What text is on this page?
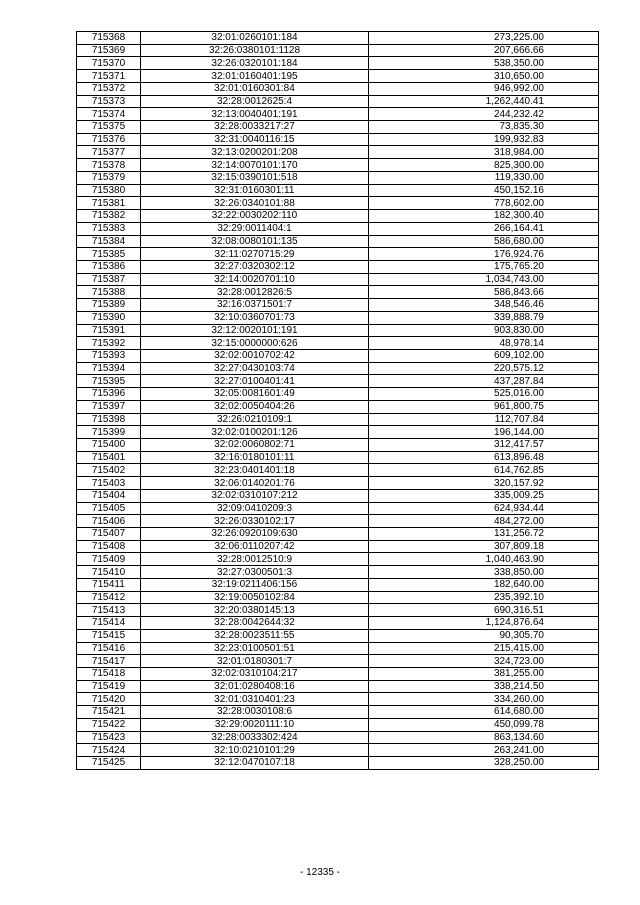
715368	32:01:0260101:184	273,225.00
715369	32:26:0380101:1128	207,666.66
715370	32:26:0320101:184	538,350.00
715371	32:01:0160401:195	310,650.00
715372	32:01:0160301:84	946,992.00
715373	32:28:0012625:4	1,262,440.41
715374	32:13:0040401:191	244,232.42
715375	32:28:0033217:27	73,835.30
715376	32:31:0040116:15	199,932.83
715377	32:13:0200201:208	318,984.00
715378	32:14:0070101:170	825,300.00
715379	32:15:0390101:518	119,330.00
715380	32:31:0160301:11	450,152.16
715381	32:26:0340101:88	778,602.00
715382	32:22:0030202:110	182,300.40
715383	32:29:0011404:1	266,164.41
715384	32:08:0080101:135	586,680.00
715385	32:11:0270715:29	176,924.76
715386	32:27:0320302:12	175,765.20
715387	32:14:0020701:10	1,034,743.00
715388	32:28:0012826:5	586,843.66
715389	32:16:0371501:7	348,546.46
715390	32:10:0360701:73	339,888.79
715391	32:12:0020101:191	903,830.00
715392	32:15:0000000:626	48,978.14
715393	32:02:0010702:42	609,102.00
715394	32:27:0430103:74	220,575.12
715395	32:27:0100401:41	437,287.84
715396	32:05:0081601:49	525,016.00
715397	32:02:0050404:26	961,800.75
715398	32:26:0210109:1	112,707.84
715399	32:02:0100201:126	196,144.00
715400	32:02:0060802:71	312,417.57
715401	32:16:0180101:11	613,896.48
715402	32:23:0401401:18	614,762.85
715403	32:06:0140201:76	320,157.92
715404	32:02:0310107:212	335,009.25
715405	32:09:0410209:3	624,934.44
715406	32:26:0330102:17	484,272.00
715407	32:26:0920109:630	131,256.72
715408	32:06:0110207:42	307,809.18
715409	32:28:0012510:9	1,040,463.90
715410	32:27:0300501:3	338,850.00
715411	32:19:0211406:156	182,640.00
715412	32:19:0050102:84	235,392.10
715413	32:20:0380145:13	690,316.51
715414	32:28:0042644:32	1,124,876.64
715415	32:28:0023511:55	90,305.70
715416	32:23:0100501:51	215,415.00
715417	32:01:0180301:7	324,723.00
715418	32:02:0310104:217	381,255.00
715419	32:01:0280408:16	338,214.50
715420	32:01:0310401:23	334,260.00
715421	32:28:0030108:6	614,680.00
715422	32:29:0020111:10	450,099.78
715423	32:28:0033302:424	863,134.60
715424	32:10:0210101:29	263,241.00
715425	32:12:0470107:18	328,250.00
- 12335 -
